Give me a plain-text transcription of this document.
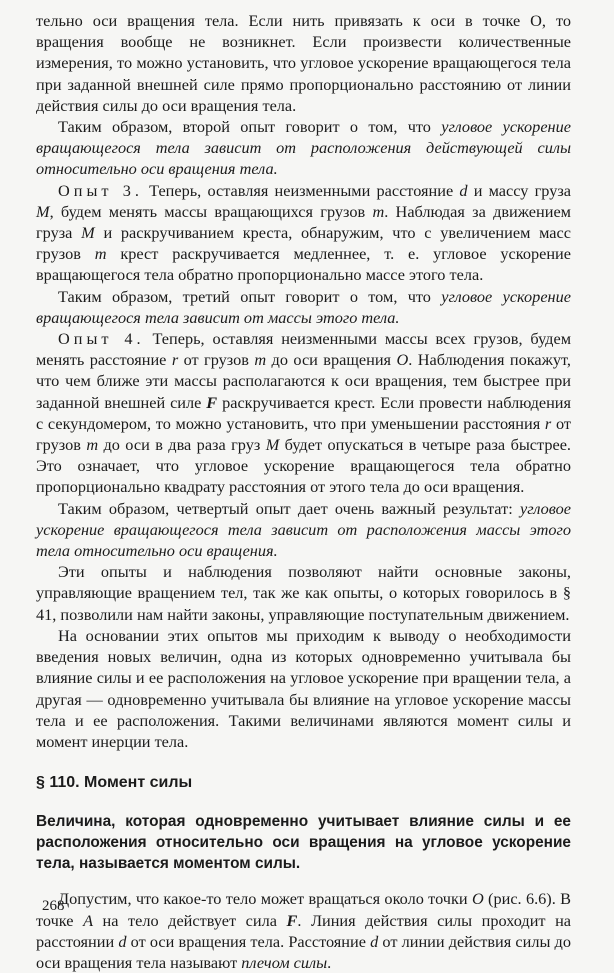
тельно оси вращения тела. Если нить привязать к оси в точке O, то вращения вообще не возникнет. Если произвести количественные измерения, то можно установить, что угловое ускорение вращающегося тела при заданной внешней силе прямо пропорционально расстоянию от линии действия силы до оси вращения тела.

Таким образом, второй опыт говорит о том, что угловое ускорение вращающегося тела зависит от расположения действующей силы относительно оси вращения тела.

Опыт 3. Теперь, оставляя неизменными расстояние d и массу груза M, будем менять массы вращающихся грузов m. Наблюдая за движением груза M и раскручиванием креста, обнаружим, что с увеличением масс грузов m крест раскручивается медленнее, т. е. угловое ускорение вращающегося тела обратно пропорционально массе этого тела.

Таким образом, третий опыт говорит о том, что угловое ускорение вращающегося тела зависит от массы этого тела.

Опыт 4. Теперь, оставляя неизменными массы всех грузов, будем менять расстояние r от грузов m до оси вращения O. Наблюдения покажут, что чем ближе эти массы располагаются к оси вращения, тем быстрее при заданной внешней силе F раскручивается крест. Если провести наблюдения с секундомером, то можно установить, что при уменьшении расстояния r от грузов m до оси в два раза груз M будет опускаться в четыре раза быстрее. Это означает, что угловое ускорение вращающегося тела обратно пропорционально квадрату расстояния от этого тела до оси вращения.

Таким образом, четвертый опыт дает очень важный результат: угловое ускорение вращающегося тела зависит от расположения массы этого тела относительно оси вращения.

Эти опыты и наблюдения позволяют найти основные законы, управляющие вращением тел, так же как опыты, о которых говорилось в § 41, позволили нам найти законы, управляющие поступательным движением.

На основании этих опытов мы приходим к выводу о необходимости введения новых величин, одна из которых одновременно учитывала бы влияние силы и ее расположения на угловое ускорение при вращении тела, а другая — одновременно учитывала бы влияние на угловое ускорение массы тела и ее расположения. Такими величинами являются момент силы и момент инерции тела.

§ 110. Момент силы

Величина, которая одновременно учитывает влияние силы и ее расположения относительно оси вращения на угловое ускорение тела, называется моментом силы.

Допустим, что какое-то тело может вращаться около точки O (рис. 6.6). В точке A на тело действует сила F. Линия действия силы проходит на расстоянии d от оси вращения тела. Расстояние d от линии действия силы до оси вращения тела называют плечом силы.

268
